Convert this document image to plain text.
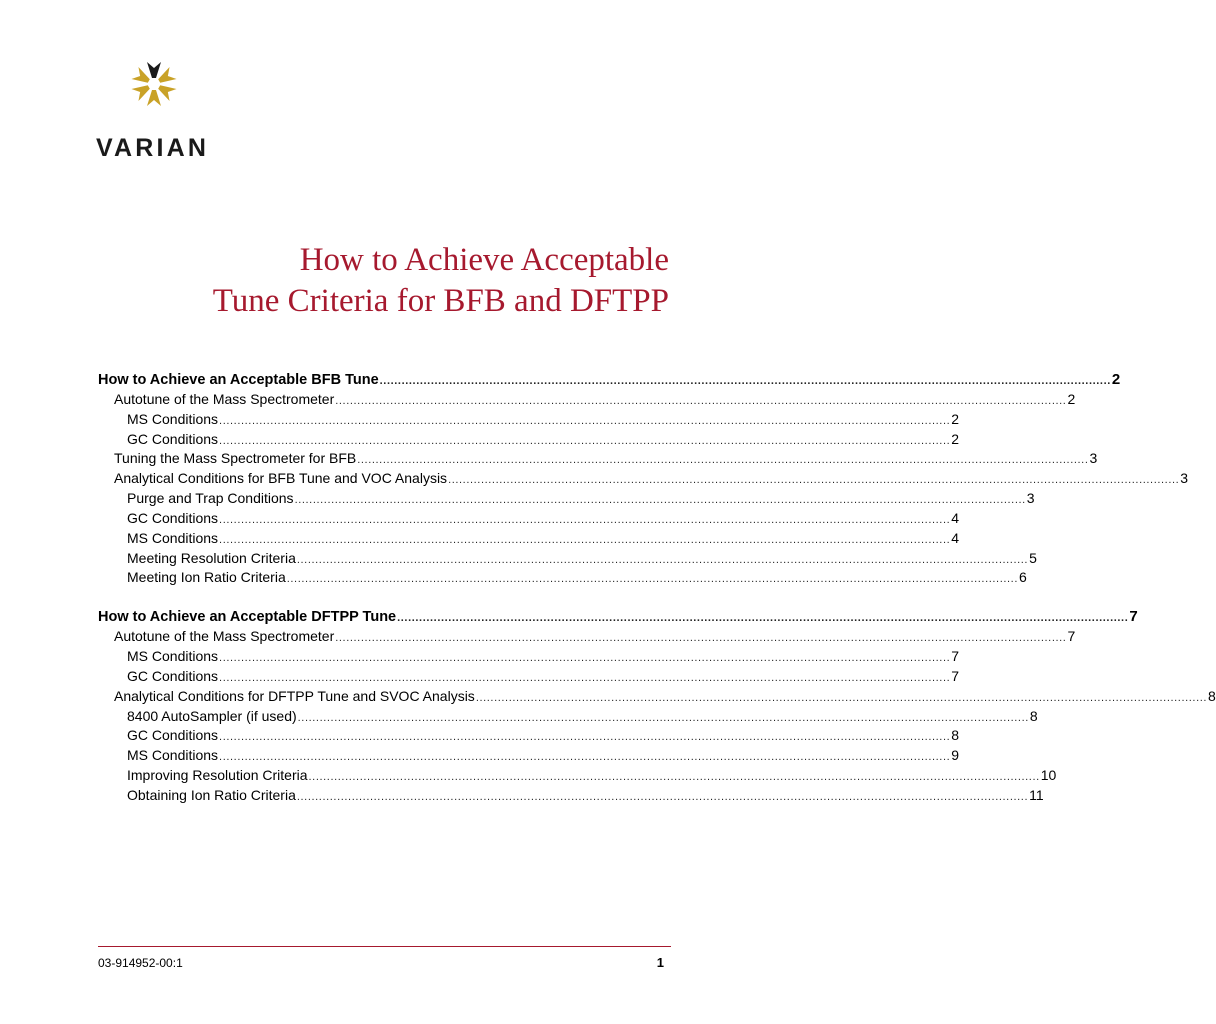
VARIAN
How to Achieve Acceptable
Tune Criteria for BFB and DFTPP
How to Achieve an Acceptable BFB Tune ........................................................................................................................................................................................................ 2
Autotune of the Mass Spectrometer ........................................................................................................................................................................................................ 2
MS Conditions ........................................................................................................................................................................................................ 2
GC Conditions ........................................................................................................................................................................................................ 2
Tuning the Mass Spectrometer for BFB ........................................................................................................................................................................................................ 3
Analytical Conditions for BFB Tune and VOC Analysis ........................................................................................................................................................................................................ 3
Purge and Trap Conditions ........................................................................................................................................................................................................ 3
GC Conditions ........................................................................................................................................................................................................ 4
MS Conditions ........................................................................................................................................................................................................ 4
Meeting Resolution Criteria ........................................................................................................................................................................................................ 5
Meeting Ion Ratio Criteria ........................................................................................................................................................................................................ 6
How to Achieve an Acceptable DFTPP Tune ........................................................................................................................................................................................................ 7
Autotune of the Mass Spectrometer ........................................................................................................................................................................................................ 7
MS Conditions ........................................................................................................................................................................................................ 7
GC Conditions ........................................................................................................................................................................................................ 7
Analytical Conditions for DFTPP Tune and SVOC Analysis ........................................................................................................................................................................................................ 8
8400 AutoSampler (if used) ........................................................................................................................................................................................................ 8
GC Conditions ........................................................................................................................................................................................................ 8
MS Conditions ........................................................................................................................................................................................................ 9
Improving Resolution Criteria ........................................................................................................................................................................................................ 10
Obtaining Ion Ratio Criteria ........................................................................................................................................................................................................ 11
03-914952-00:1	1
